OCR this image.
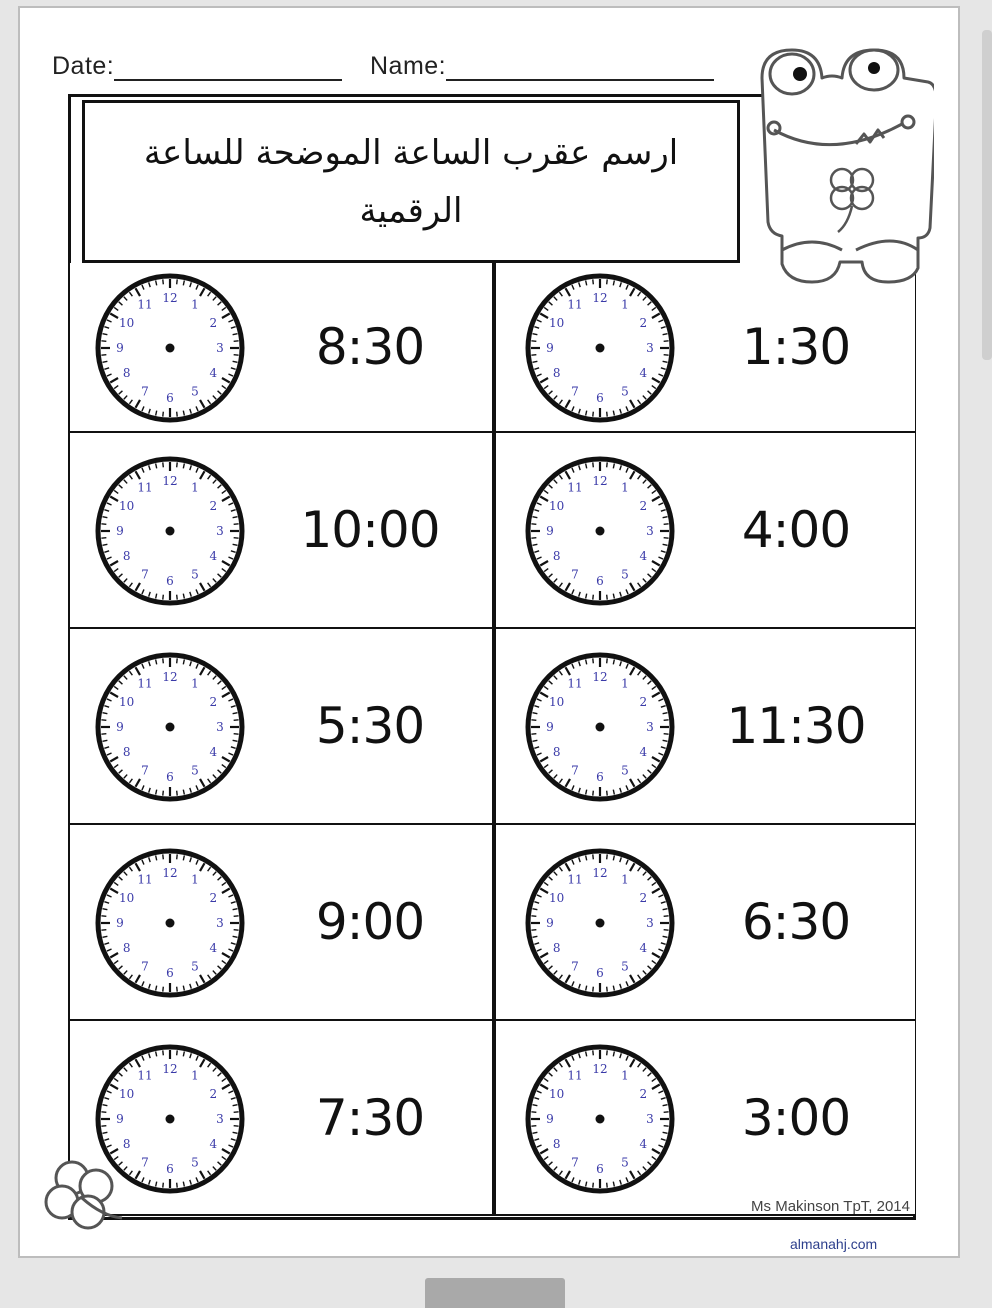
Date:	Name:
12 1
2
3
4
5
6
7
8
9
10
11
8:30
12 1
2
3
4
5
6
7
8
9
10
11
1:30
12 1
2
3
4
5
6
7
8
9
10
11
10:00
12 1
2
3
4
5
6
7
8
9
10
11
4:00
12 1
2
3
4
5
6
7
8
9
10
11
5:30
12 1
2
3
4
5
6
7
8
9
10
11
11:30
12 1
2
3
4
5
6
7
8
9
10
11
9:00
12 1
2
3
4
5
6
7
8
9
10
11
6:30
12 1
2
3
4
5
6
7
8
9
10
11
7:30
12 1
2
3
4
5
6
7
8
9
10
11
3:00
ارسم عقرب الساعة الموضحة للساعة الرقمية
Ms Makinson TpT, 2014
almanahj.com
